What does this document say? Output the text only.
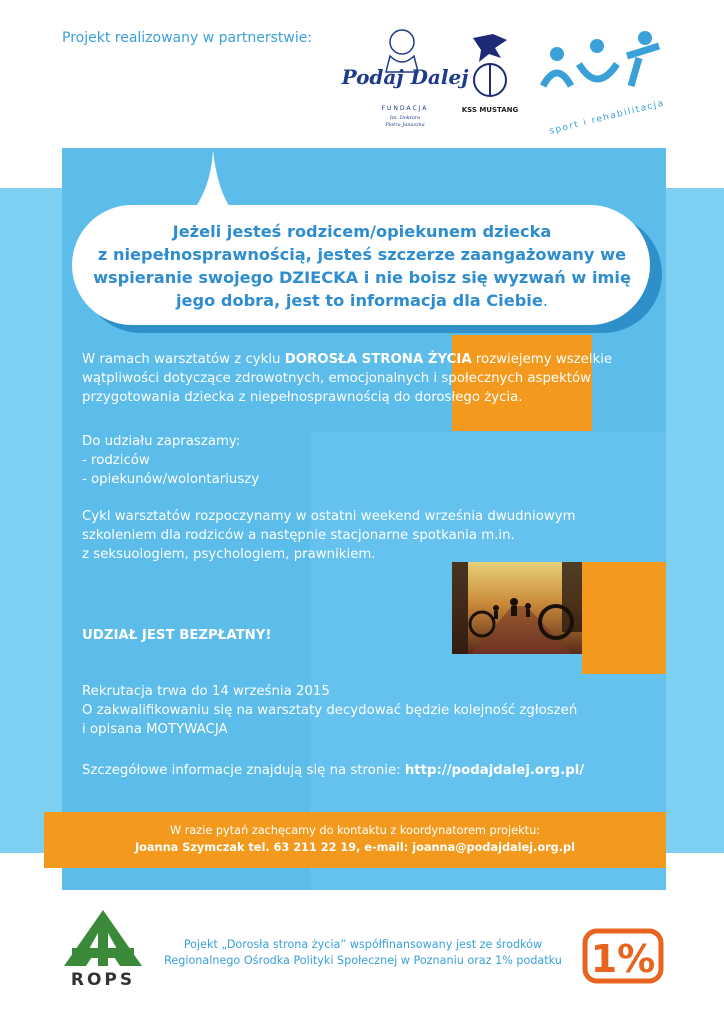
Projekt realizowany w partnerstwie:
Podaj Dalej
FUNDACJA
Im. Doktora
Piotra Janaszka
KSS MUSTANG	sport i rehabilitacja
Jeżeli jesteś rodzicem/opiekunem dziecka
z niepełnosprawnością, jesteś szczerze zaangażowany we
wspieranie swojego DZIECKA i nie boisz się wyzwań w imię
jego dobra, jest to informacja dla Ciebie.
W ramach warsztatów z cyklu DOROSŁA STRONA ŻYCIA rozwiejemy wszelkie wątpliwości dotyczące zdrowotnych, emocjonalnych i społecznych aspektów przygotowania dziecka z niepełnosprawnością do dorosłego życia.
Do udziału zapraszamy:
- rodziców
- opiekunów/wolontariuszy
Cykl warsztatów rozpoczynamy w ostatni weekend września dwudniowym
szkoleniem dla rodziców a następnie stacjonarne spotkania m.in.
z seksuologiem, psychologiem, prawnikiem.
UDZIAŁ JEST BEZPŁATNY!
Rekrutacja trwa do 14 września 2015
O zakwalifikowaniu się na warsztaty decydować będzie kolejność zgłoszeń
i opisana MOTYWACJA
Szczegółowe informacje znajdują się na stronie: http://podajdalej.org.pl/
W razie pytań zachęcamy do kontaktu z koordynatorem projektu:
Joanna Szymczak tel. 63 211 22 19, e-mail: joanna@podajdalej.org.pl
ROPS
Pojekt „Dorosła strona życia” współfinansowany jest ze środków
Regionalnego Ośrodka Polityki Społecznej w Poznaniu oraz 1% podatku 1%
